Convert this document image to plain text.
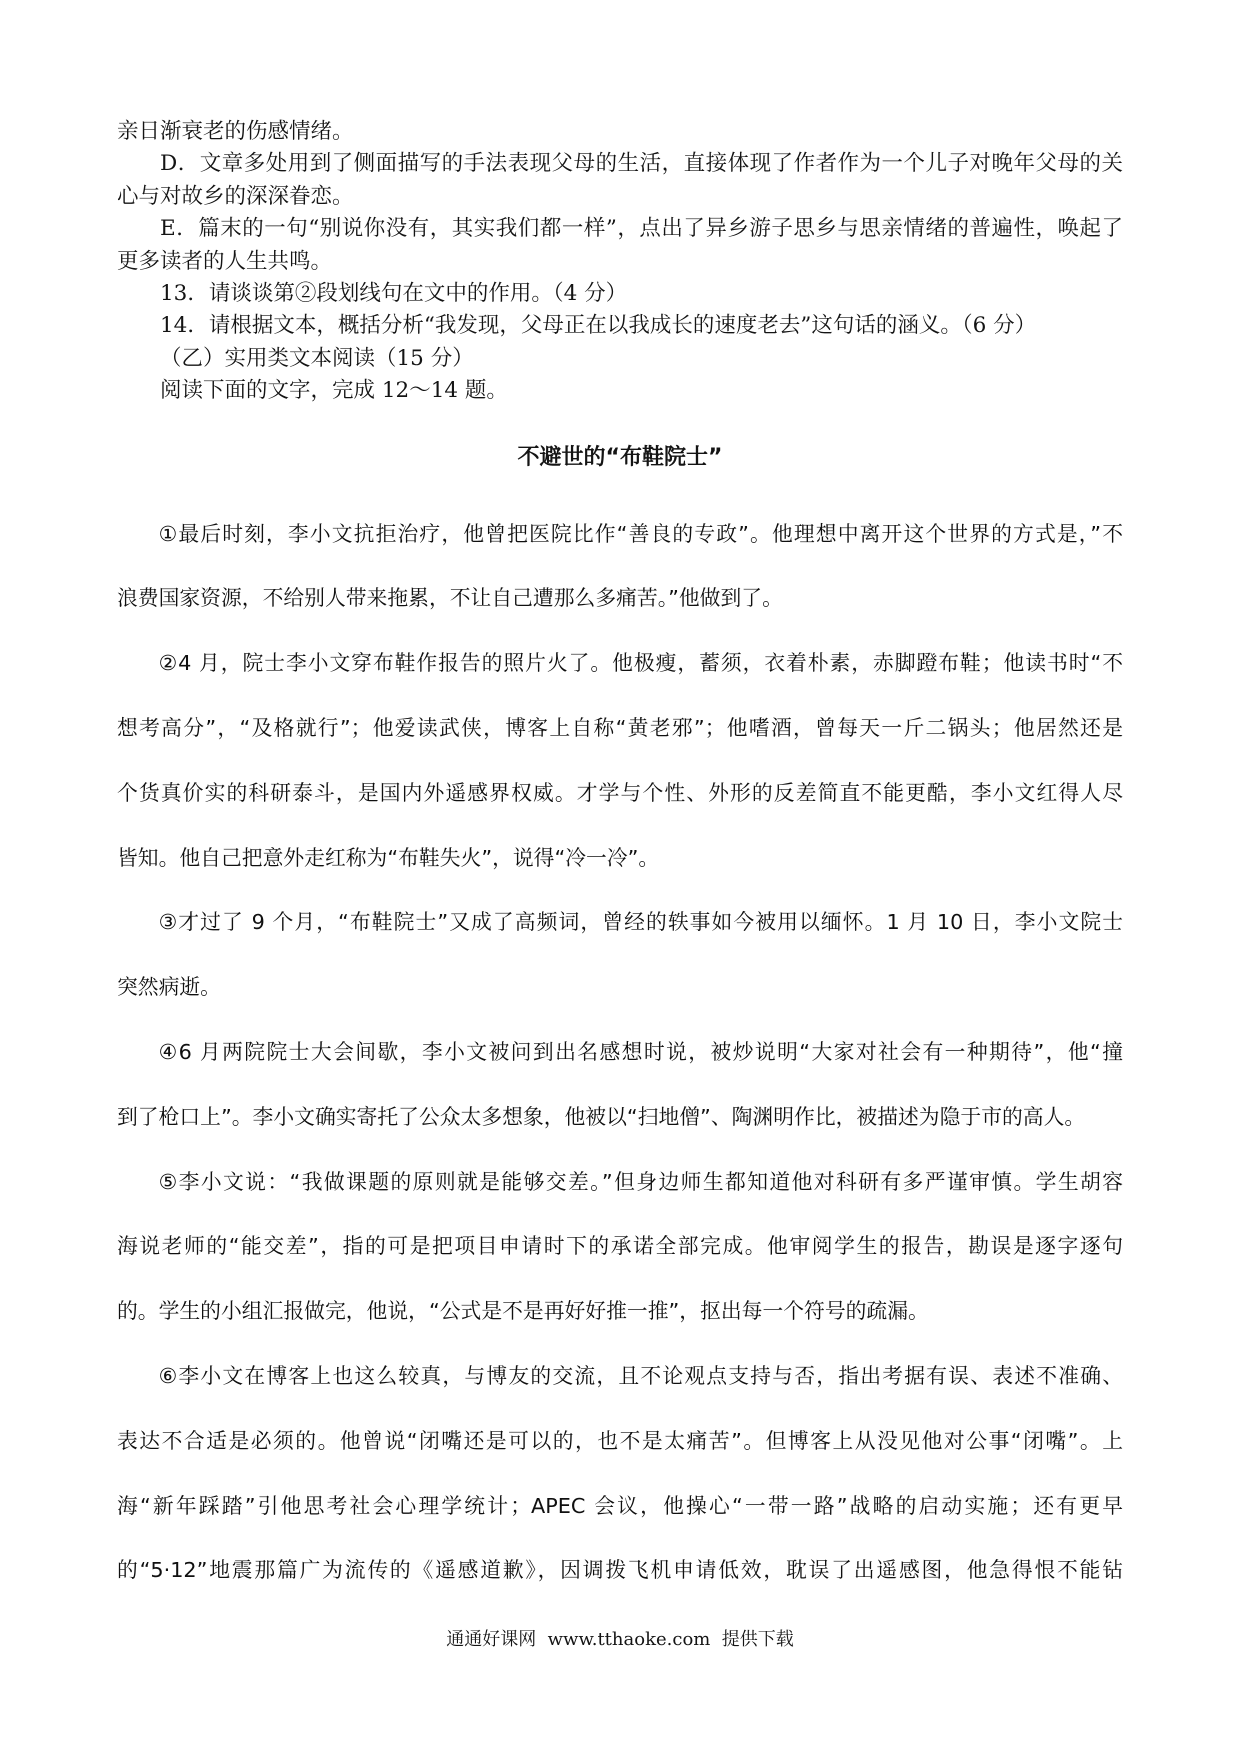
亲日渐衰老的伤感情绪。
D．文章多处用到了侧面描写的手法表现父母的生活，直接体现了作者作为一个儿子对晚年父母的关
心与对故乡的深深眷恋。
E．篇末的一句“别说你没有，其实我们都一样”，点出了异乡游子思乡与思亲情绪的普遍性，唤起了
更多读者的人生共鸣。
13．请谈谈第②段划线句在文中的作用。（4 分）
14．请根据文本，概括分析“我发现，父母正在以我成长的速度老去”这句话的涵义。（6 分）
（乙）实用类文本阅读（15 分）
阅读下面的文字，完成 12～14 题。
不避世的“布鞋院士”
①最后时刻，李小文抗拒治疗，他曾把医院比作“善良的专政”。他理想中离开这个世界的方式是，”不
浪费国家资源，不给别人带来拖累，不让自己遭那么多痛苦。”他做到了。
②4 月，院士李小文穿布鞋作报告的照片火了。他极瘦，蓄须，衣着朴素，赤脚蹬布鞋；他读书时“不
想考高分”，“及格就行”；他爱读武侠，博客上自称“黄老邪”；他嗜酒，曾每天一斤二锅头；他居然还是
个货真价实的科研泰斗，是国内外遥感界权威。才学与个性、外形的反差简直不能更酷，李小文红得人尽
皆知。他自己把意外走红称为“布鞋失火”，说得“冷一冷”。
③才过了 9 个月，“布鞋院士”又成了高频词，曾经的轶事如今被用以缅怀。1 月 10 日，李小文院士
突然病逝。
④6 月两院院士大会间歇，李小文被问到出名感想时说，被炒说明“大家对社会有一种期待”，他“撞
到了枪口上”。李小文确实寄托了公众太多想象，他被以“扫地僧”、陶渊明作比，被描述为隐于市的高人。
⑤李小文说：“我做课题的原则就是能够交差。”但身边师生都知道他对科研有多严谨审慎。学生胡容
海说老师的“能交差”，指的可是把项目申请时下的承诺全部完成。他审阅学生的报告，勘误是逐字逐句
的。学生的小组汇报做完，他说，“公式是不是再好好推一推”，抠出每一个符号的疏漏。
⑥李小文在博客上也这么较真，与博友的交流，且不论观点支持与否，指出考据有误、表述不准确、
表达不合适是必须的。他曾说“闭嘴还是可以的，也不是太痛苦”。但博客上从没见他对公事“闭嘴”。上
海“新年踩踏”引他思考社会心理学统计；APEC 会议，他操心“一带一路”战略的启动实施；还有更早
的“5·12”地震那篇广为流传的《遥感道歉》，因调拨飞机申请低效，耽误了出遥感图，他急得恨不能钻
通通好课网  www.tthaoke.com  提供下载
